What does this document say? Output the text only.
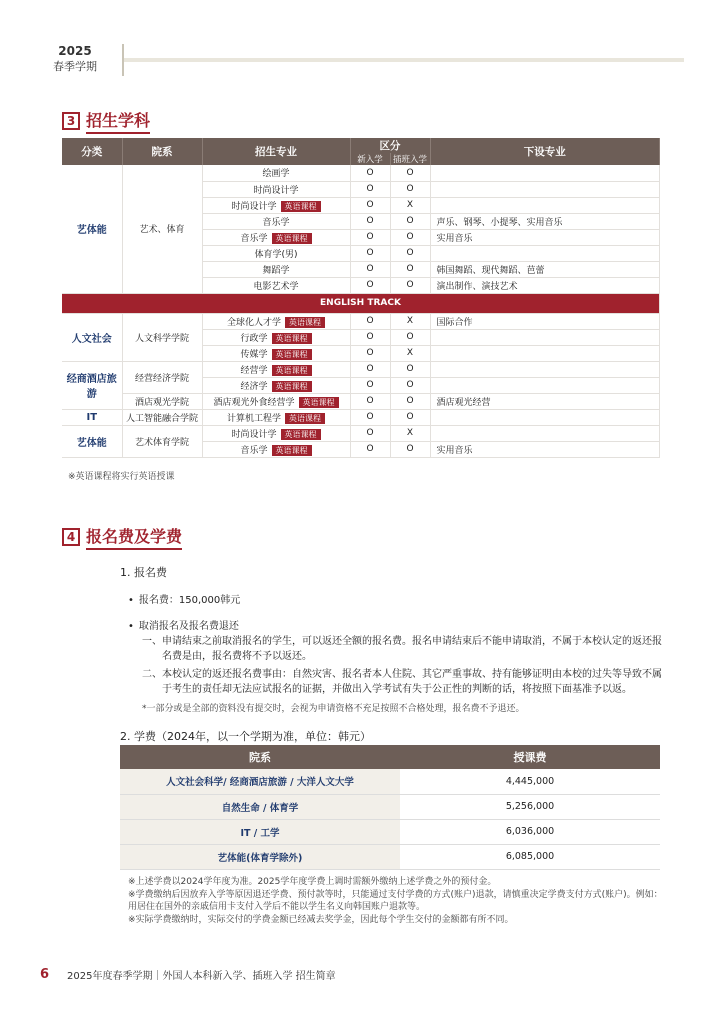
2025
春季学期
3 招生学科
分类	院系	招生专业	区分		下设专业
			新入学	插班入学	
艺体能	艺术、体育	绘画学	O	O	
		时尚设计学	O	O	
		时尚设计学 英语课程	O	X	
		音乐学	O	O	声乐、钢琴、小提琴、实用音乐
		音乐学 英语课程	O	O	实用音乐
		体育学(男)	O	O	
		舞蹈学	O	O	韩国舞蹈、现代舞蹈、芭蕾
		电影艺术学	O	O	演出制作、演技艺术
ENGLISH TRACK					
人文社会	人文科学学院	全球化人才学 英语课程	O	X	国际合作
		行政学 英语课程	O	O	
		传媒学 英语课程	O	X	
经商酒店旅游	经营经济学院	经营学 英语课程	O	O	
		经济学 英语课程	O	O	
	酒店观光学院	酒店观光外食经营学 英语课程	O	O	酒店观光经营
IT	人工智能融合学院	计算机工程学 英语课程	O	O	
艺体能	艺术体育学院	时尚设计学 英语课程	O	X	
		音乐学 英语课程	O	O	实用音乐
※英语课程将实行英语授课
4 报名费及学费
1. 报名费
• 报名费：150,000韩元
• 取消报名及报名费退还
一、 申请结束之前取消报名的学生，可以返还全额的报名费。报名申请结束后不能申请取消，不属于本校认定的返还报名费是由，报名费将不予以返还。
二、 本校认定的返还报名费事由：自然灾害、报名者本人住院、其它严重事故、持有能够证明由本校的过失等导致不属于考生的责任却无法应试报名的证据，并做出入学考试有失于公正性的判断的话，将按照下面基准予以返。
*一部分或是全部的资料没有提交时，会视为申请资格不充足按照不合格处理，报名费不予退还。
2. 学费（2024年，以一个学期为准，单位：韩元）
院系	授课费
人文社会科学/ 经商酒店旅游 / 大洋人文大学	4,445,000
自然生命 / 体育学	5,256,000
IT / 工学	6,036,000
艺体能(体育学除外)	6,085,000
※上述学费以2024学年度为准。2025学年度学费上调时需额外缴纳上述学费之外的预付金。
※学费缴纳后因放弃入学等原因退还学费、预付款等时，只能通过支付学费的方式(账户)退款，请慎重决定学费支付方式(账户)。例如：用居住在国外的亲戚信用卡支付入学后不能以学生名义向韩国账户退款等。
※实际学费缴纳时，实际交付的学费金额已经减去奖学金，因此每个学生交付的金额都有所不同。
6 2025年度春季学期｜外国人本科新入学、插班入学 招生简章
